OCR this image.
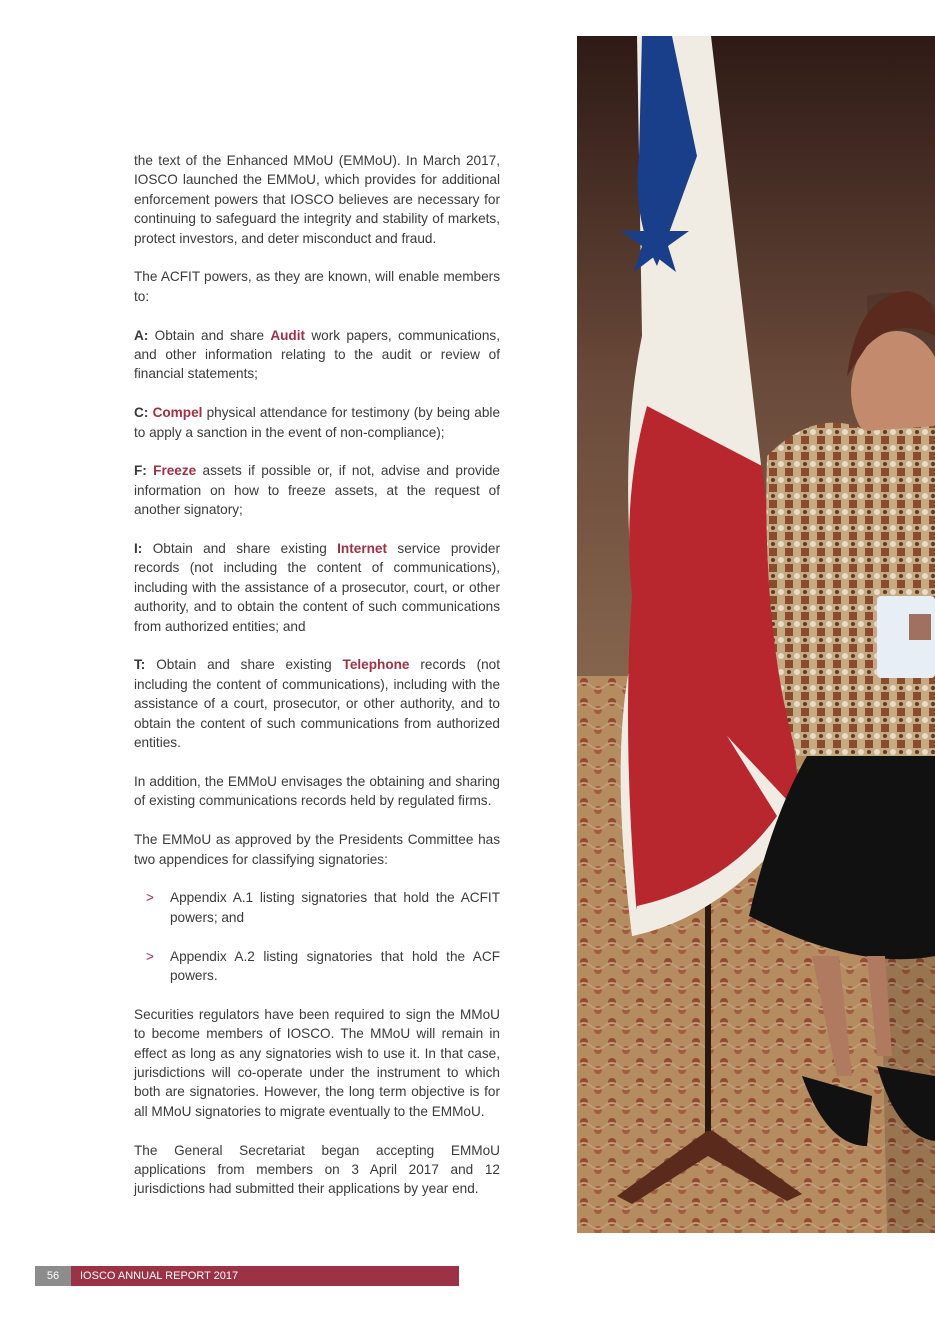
the text of the Enhanced MMoU (EMMoU). In March 2017, IOSCO launched the EMMoU, which provides for additional enforcement powers that IOSCO believes are necessary for continuing to safeguard the integrity and stability of markets, protect investors, and deter misconduct and fraud.

The ACFIT powers, as they are known, will enable members to:

A: Obtain and share Audit work papers, communications, and other information relating to the audit or review of financial statements;

C: Compel physical attendance for testimony (by being able to apply a sanction in the event of non-compliance);

F: Freeze assets if possible or, if not, advise and provide information on how to freeze assets, at the request of another signatory;

I: Obtain and share existing Internet service provider records (not including the content of communications), including with the assistance of a prosecutor, court, or other authority, and to obtain the content of such communications from authorized entities; and

T: Obtain and share existing Telephone records (not including the content of communications), including with the assistance of a court, prosecutor, or other authority, and to obtain the content of such communications from authorized entities.

In addition, the EMMoU envisages the obtaining and sharing of existing communications records held by regulated firms.

The EMMoU as approved by the Presidents Committee has two appendices for classifying signatories:

> Appendix A.1 listing signatories that hold the ACFIT powers; and
> Appendix A.2 listing signatories that hold the ACF powers.

Securities regulators have been required to sign the MMoU to become members of IOSCO. The MMoU will remain in effect as long as any signatories wish to use it. In that case, jurisdictions will co-operate under the instrument to which both are signatories. However, the long term objective is for all MMoU signatories to migrate eventually to the EMMoU.

The General Secretariat began accepting EMMoU applications from members on 3 April 2017 and 12 jurisdictions had submitted their applications by year end.

56	IOSCO ANNUAL REPORT 2017
